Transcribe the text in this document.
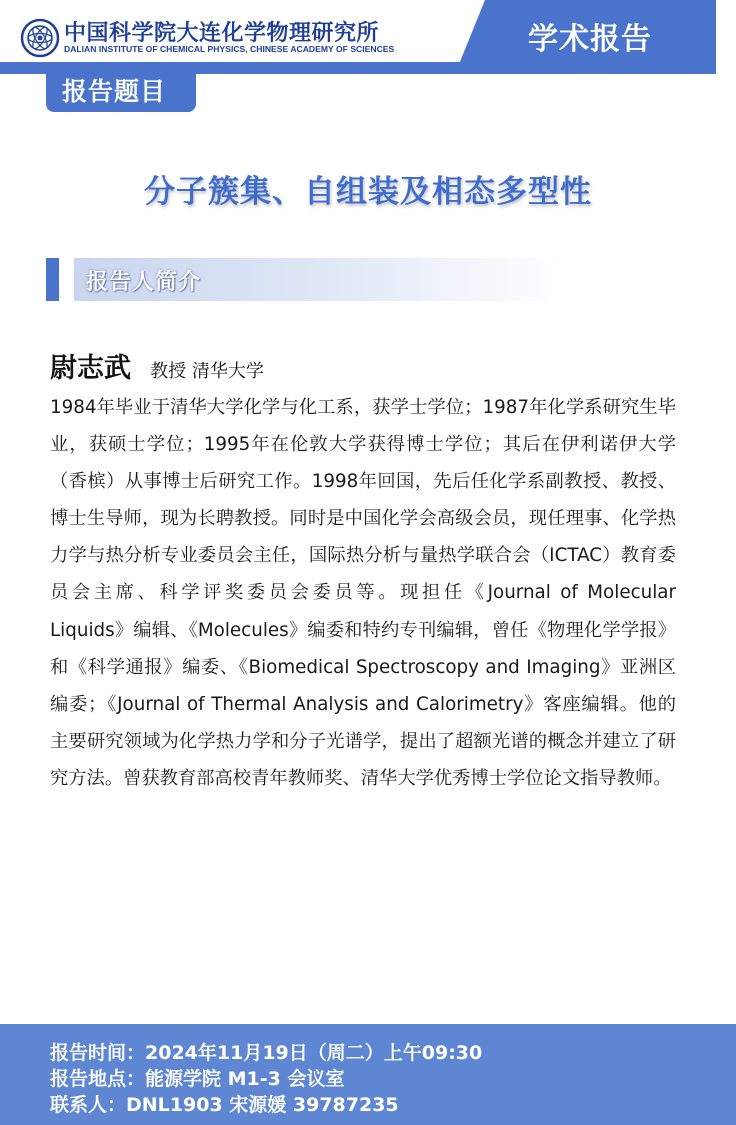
学术报告
中国科学院大连化学物理研究所
DALIAN INSTITUTE OF CHEMICAL PHYSICS, CHINESE ACADEMY OF SCIENCES
报告题目
分子簇集、自组装及相态多型性
报告人简介
尉志武 教授 清华大学
1984年毕业于清华大学化学与化工系，获学士学位；1987年化学系研究生毕业，获硕士学位；1995年在伦敦大学获得博士学位；其后在伊利诺伊大学（香槟）从事博士后研究工作。1998年回国，先后任化学系副教授、教授、博士生导师，现为长聘教授。同时是中国化学会高级会员，现任理事、化学热力学与热分析专业委员会主任，国际热分析与量热学联合会（ICTAC）教育委员会主席、科学评奖委员会委员等。现担任《Journal of Molecular Liquids》编辑、《Molecules》编委和特约专刊编辑，曾任《物理化学学报》和《科学通报》编委、《Biomedical Spectroscopy and Imaging》亚洲区编委；《Journal of Thermal Analysis and Calorimetry》客座编辑。他的主要研究领域为化学热力学和分子光谱学，提出了超额光谱的概念并建立了研究方法。曾获教育部高校青年教师奖、清华大学优秀博士学位论文指导教师。
报告时间：2024年11月19日（周二）上午09:30
报告地点：能源学院 M1-3 会议室
联系人：DNL1903 宋源媛 39787235
